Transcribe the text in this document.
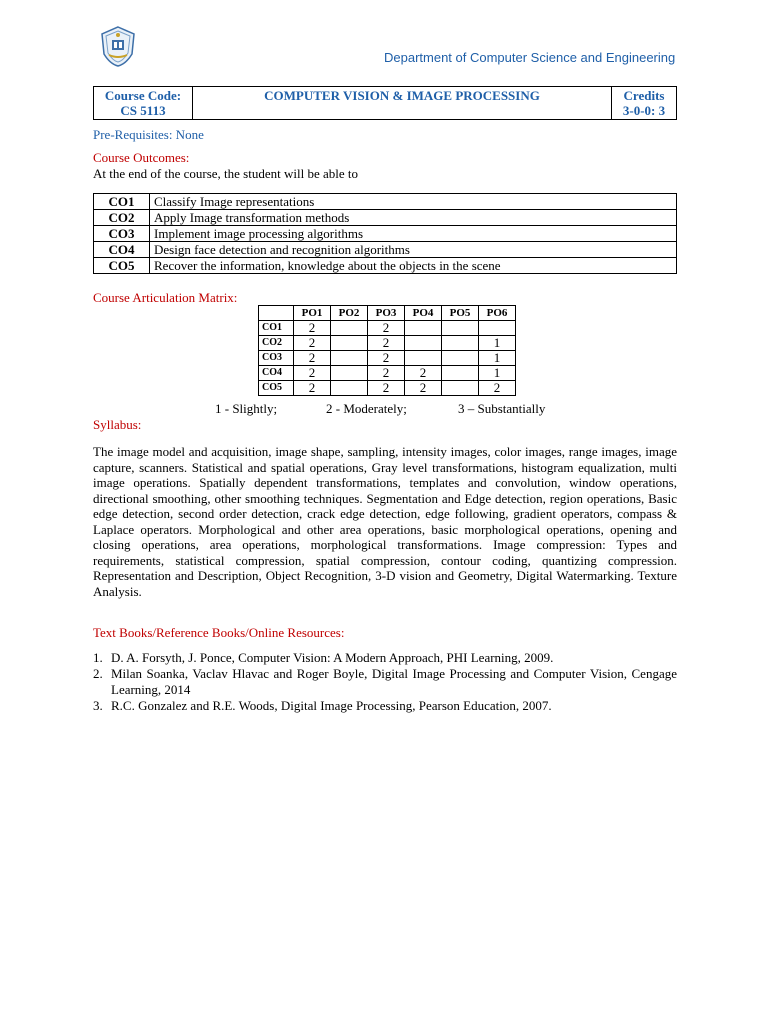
Department of Computer Science and Engineering
Course Code:
CS 5113
	COMPUTER VISION & IMAGE PROCESSING	Credits
3-0-0: 3
Pre-Requisites: None
Course Outcomes:
At the end of the course, the student will be able to
CO1	Classify Image representations
CO2	Apply Image transformation methods
CO3	Implement image processing algorithms
CO4	Design face detection and recognition algorithms
CO5	Recover the information, knowledge about the objects in the scene
Course Articulation Matrix:
	PO1	PO2	PO3	PO4	PO5	PO6
CO1	2		2			
CO2	2		2			1
CO3	2		2			1
CO4	2		2	2		1
CO5	2		2	2		2
1 - Slightly;	2 - Moderately;	3 – Substantially
Syllabus:
The image model and acquisition, image shape, sampling, intensity images, color images, range images, image capture, scanners. Statistical and spatial operations, Gray level transformations, histogram equalization, multi image operations. Spatially dependent transformations, templates and convolution, window operations, directional smoothing, other smoothing techniques. Segmentation and Edge detection, region operations, Basic edge detection, second order detection, crack edge detection, edge following, gradient operators, compass & Laplace operators. Morphological and other area operations, basic morphological operations, opening and closing operations, area operations, morphological transformations. Image compression: Types and requirements, statistical compression, spatial compression, contour coding, quantizing compression. Representation and Description, Object Recognition, 3-D vision and Geometry, Digital Watermarking. Texture Analysis.
Text Books/Reference Books/Online Resources:
1. D. A. Forsyth, J. Ponce, Computer Vision: A Modern Approach, PHI Learning, 2009.
2. Milan Soanka, Vaclav Hlavac and Roger Boyle, Digital Image Processing and Computer Vision, Cengage Learning, 2014
3. R.C. Gonzalez and R.E. Woods, Digital Image Processing, Pearson Education, 2007.
